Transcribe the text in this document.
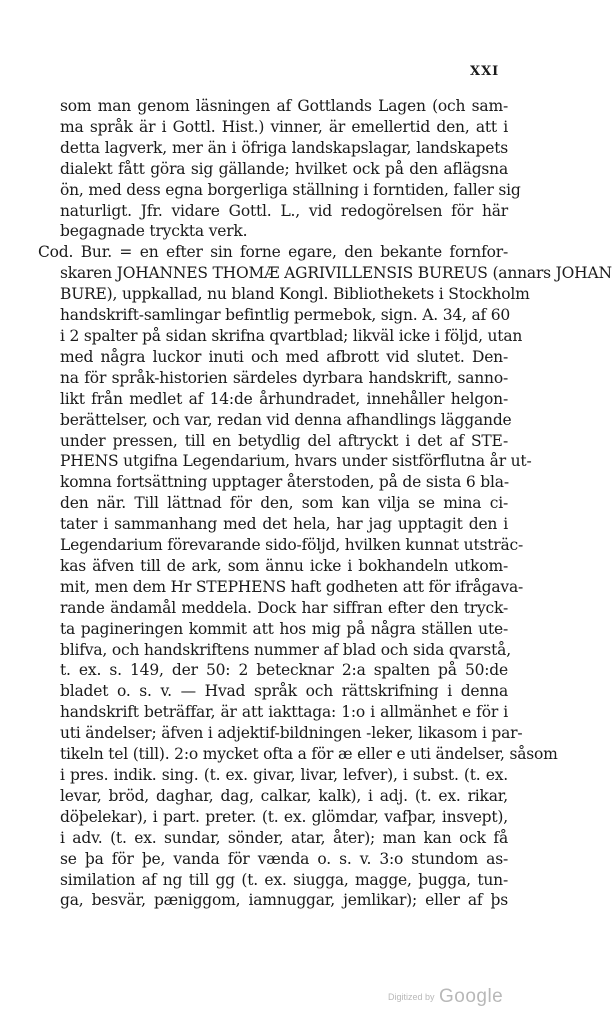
XXI
som man genom läsningen af Gottlands Lagen (och sam-
ma språk är i Gottl. Hist.) vinner, är emellertid den, att i
detta lagverk, mer än i öfriga landskapslagar, landskapets
dialekt fått göra sig gällande; hvilket ock på den aflägsna
ön, med dess egna borgerliga ställning i forntiden, faller sig
naturligt. Jfr. vidare Gottl. L., vid redogörelsen för här
begagnade tryckta verk.
Cod. Bur. = en efter sin forne egare, den bekante fornfor-
skaren JOHANNES THOMÆ AGRIVILLENSIS BUREUS (annars JOHAN
BURE), uppkallad, nu bland Kongl. Bibliothekets i Stockholm
handskrift-samlingar befintlig permebok, sign. A. 34, af 60
i 2 spalter på sidan skrifna qvartblad; likväl icke i följd, utan
med några luckor inuti och med afbrott vid slutet. Den-
na för språk-historien särdeles dyrbara handskrift, sanno-
likt från medlet af 14:de århundradet, innehåller helgon-
berättelser, och var, redan vid denna afhandlings läggande
under pressen, till en betydlig del aftryckt i det af STE-
PHENS utgifna Legendarium, hvars under sistförflutna år ut-
komna fortsättning upptager återstoden, på de sista 6 bla-
den när. Till lättnad för den, som kan vilja se mina ci-
tater i sammanhang med det hela, har jag upptagit den i
Legendarium förevarande sido-följd, hvilken kunnat utsträc-
kas äfven till de ark, som ännu icke i bokhandeln utkom-
mit, men dem Hr STEPHENS haft godheten att för ifrågava-
rande ändamål meddela. Dock har siffran efter den tryck-
ta pagineringen kommit att hos mig på några ställen ute-
blifva, och handskriftens nummer af blad och sida qvarstå,
t. ex. s. 149, der 50: 2 betecknar 2:a spalten på 50:de
bladet o. s. v. — Hvad språk och rättskrifning i denna
handskrift beträffar, är att iakttaga: 1:o i allmänhet e för i
uti ändelser; äfven i adjektif-bildningen -leker, likasom i par-
tikeln tel (till). 2:o mycket ofta a för æ eller e uti ändelser, såsom
i pres. indik. sing. (t. ex. givar, livar, lefver), i subst. (t. ex.
levar, bröd, daghar, dag, calkar, kalk), i adj. (t. ex. rikar,
döþelekar), i part. preter. (t. ex. glömdar, vafþar, insvept),
i adv. (t. ex. sundar, sönder, atar, åter); man kan ock få
se þa för þe, vanda för vænda o. s. v. 3:o stundom as-
similation af ng till gg (t. ex. siugga, magge, þugga, tun-
ga, besvär, pæniggom, iamnuggar, jemlikar); eller af þs
Digitized by Google
